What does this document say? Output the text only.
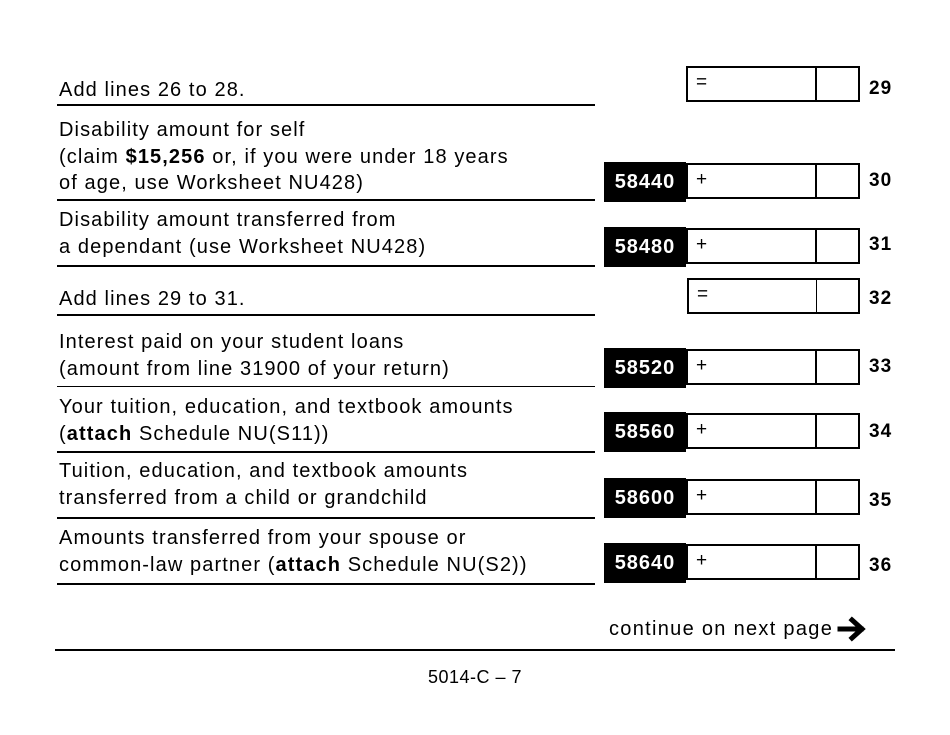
Add lines 26 to 28.	=	29
Disability amount for self
(claim $15,256 or, if you were under 18 years
of age, use Worksheet NU428)	58440	+	30
Disability amount transferred from
a dependant (use Worksheet NU428)	58480	+	31
Add lines 29 to 31.	=	32
Interest paid on your student loans
(amount from line 31900 of your return)	58520	+	33
Your tuition, education, and textbook amounts
(attach Schedule NU(S11))	58560	+	34
Tuition, education, and textbook amounts
transferred from a child or grandchild	58600	+	35
Amounts transferred from your spouse or
common-law partner (attach Schedule NU(S2))	58640	+	36
continue on next page
5014-C – 7
